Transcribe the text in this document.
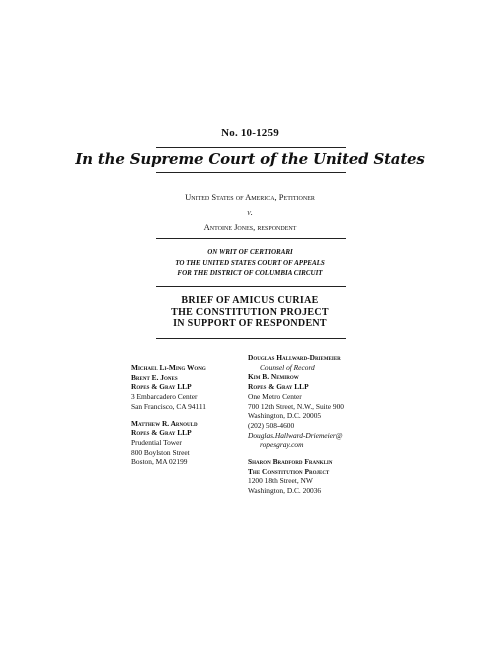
No. 10-1259
In the Supreme Court of the United States
United States of America, Petitioner
v.
Antoine Jones, respondent
ON WRIT OF CERTIORARI
TO THE UNITED STATES COURT OF APPEALS
FOR THE DISTRICT OF COLUMBIA CIRCUIT
BRIEF OF AMICUS CURIAE
THE CONSTITUTION PROJECT
IN SUPPORT OF RESPONDENT
Michael Li-Ming Wong
Brent E. Jones
Ropes & Gray LLP
3 Embarcadero Center
San Francisco, CA 94111
Matthew R. Arnould
Ropes & Gray LLP
Prudential Tower
800 Boylston Street
Boston, MA 02199
Douglas Hallward-Driemeier
Counsel of Record
Kim B. Nemirow
Ropes & Gray LLP
One Metro Center
700 12th Street, N.W., Suite 900
Washington, D.C. 20005
(202) 508-4600
Douglas.Hallward-Driemeier@
ropesgray.com
Sharon Bradford Franklin
The Constitution Project
1200 18th Street, NW
Washington, D.C. 20036
